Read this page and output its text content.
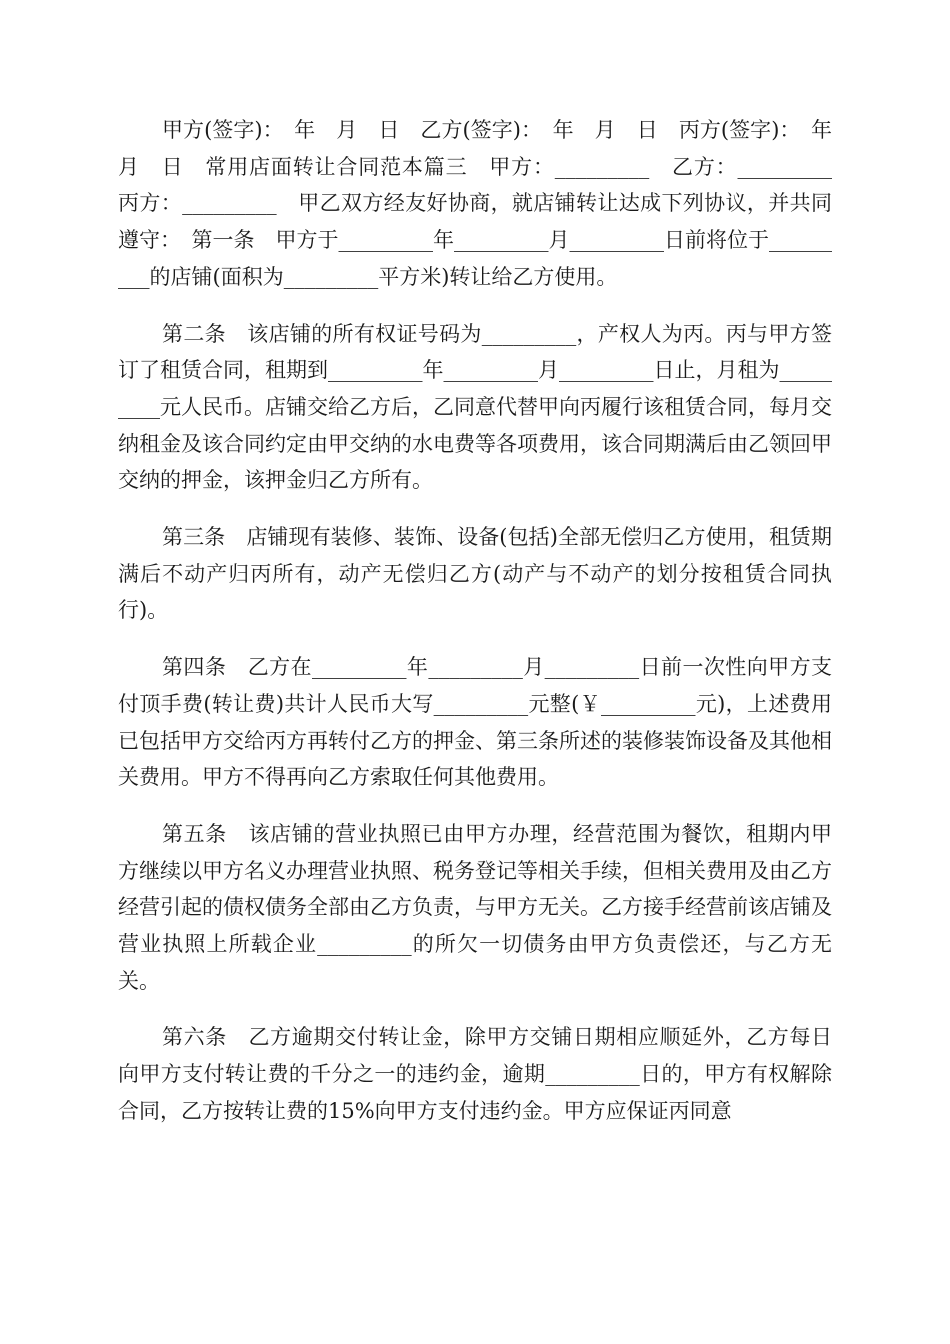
甲方(签字)：　年　月　日　乙方(签字)：　年　月　日　丙方(签字)：　年　月　日　常用店面转让合同范本篇三　甲方：_________　乙方：_________　丙方：_________　甲乙双方经友好协商，就店铺转让达成下列协议，并共同遵守：　第一条　甲方于_________年_________月_________日前将位于_________的店铺(面积为_________平方米)转让给乙方使用。

第二条　该店铺的所有权证号码为_________，产权人为丙。丙与甲方签订了租赁合同，租期到_________年_________月_________日止，月租为_________元人民币。店铺交给乙方后，乙同意代替甲向丙履行该租赁合同，每月交纳租金及该合同约定由甲交纳的水电费等各项费用，该合同期满后由乙领回甲交纳的押金，该押金归乙方所有。

第三条　店铺现有装修、装饰、设备(包括)全部无偿归乙方使用，租赁期满后不动产归丙所有，动产无偿归乙方(动产与不动产的划分按租赁合同执行)。

第四条　乙方在_________年_________月_________日前一次性向甲方支付顶手费(转让费)共计人民币大写_________元整(￥_________元)，上述费用已包括甲方交给丙方再转付乙方的押金、第三条所述的装修装饰设备及其他相关费用。甲方不得再向乙方索取任何其他费用。

第五条　该店铺的营业执照已由甲方办理，经营范围为餐饮，租期内甲方继续以甲方名义办理营业执照、税务登记等相关手续，但相关费用及由乙方经营引起的债权债务全部由乙方负责，与甲方无关。乙方接手经营前该店铺及营业执照上所载企业_________的所欠一切债务由甲方负责偿还，与乙方无关。

第六条　乙方逾期交付转让金，除甲方交铺日期相应顺延外，乙方每日向甲方支付转让费的千分之一的违约金，逾期_________日的，甲方有权解除合同，乙方按转让费的15%向甲方支付违约金。甲方应保证丙同意
